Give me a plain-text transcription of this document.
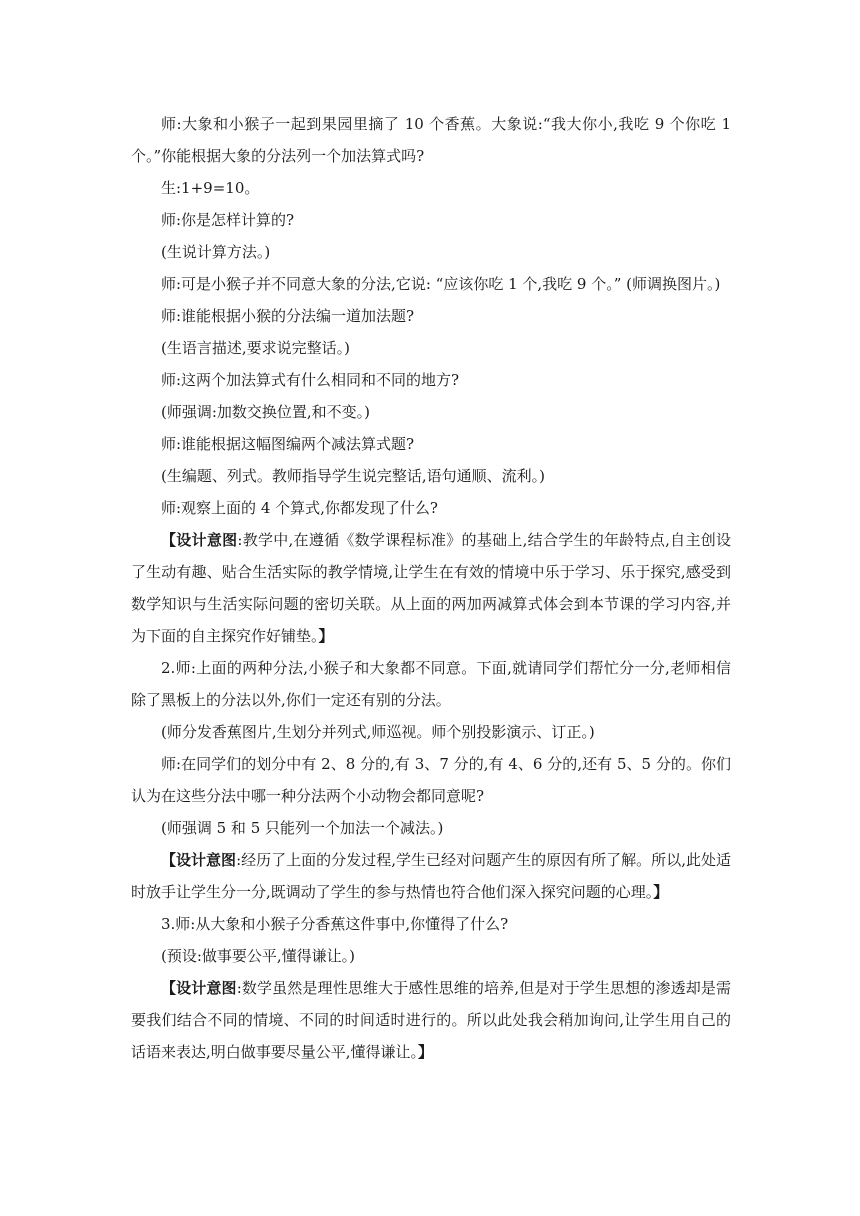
师:大象和小猴子一起到果园里摘了 10 个香蕉。大象说:“我大你小,我吃 9 个你吃 1 个。”你能根据大象的分法列一个加法算式吗?

生:1+9=10。

师:你是怎样计算的?

(生说计算方法。)

师:可是小猴子并不同意大象的分法,它说: “应该你吃 1 个,我吃 9 个。” (师调换图片。)

师:谁能根据小猴的分法编一道加法题?

(生语言描述,要求说完整话。)

师:这两个加法算式有什么相同和不同的地方?

(师强调:加数交换位置,和不变。)

师:谁能根据这幅图编两个减法算式题?

(生编题、列式。教师指导学生说完整话,语句通顺、流利。)

师:观察上面的 4 个算式,你都发现了什么?

【设计意图:教学中,在遵循《数学课程标准》的基础上,结合学生的年龄特点,自主创设了生动有趣、贴合生活实际的教学情境,让学生在有效的情境中乐于学习、乐于探究,感受到数学知识与生活实际问题的密切关联。从上面的两加两减算式体会到本节课的学习内容,并为下面的自主探究作好铺垫。】

2.师:上面的两种分法,小猴子和大象都不同意。下面,就请同学们帮忙分一分,老师相信除了黑板上的分法以外,你们一定还有别的分法。

(师分发香蕉图片,生划分并列式,师巡视。师个别投影演示、订正。)

师:在同学们的划分中有 2、8 分的,有 3、7 分的,有 4、6 分的,还有 5、5 分的。你们认为在这些分法中哪一种分法两个小动物会都同意呢?

(师强调 5 和 5 只能列一个加法一个减法。)

【设计意图:经历了上面的分发过程,学生已经对问题产生的原因有所了解。所以,此处适时放手让学生分一分,既调动了学生的参与热情也符合他们深入探究问题的心理。】

3.师:从大象和小猴子分香蕉这件事中,你懂得了什么?

(预设:做事要公平,懂得谦让。)

【设计意图:数学虽然是理性思维大于感性思维的培养,但是对于学生思想的渗透却是需要我们结合不同的情境、不同的时间适时进行的。所以此处我会稍加询问,让学生用自己的话语来表达,明白做事要尽量公平,懂得谦让。】
